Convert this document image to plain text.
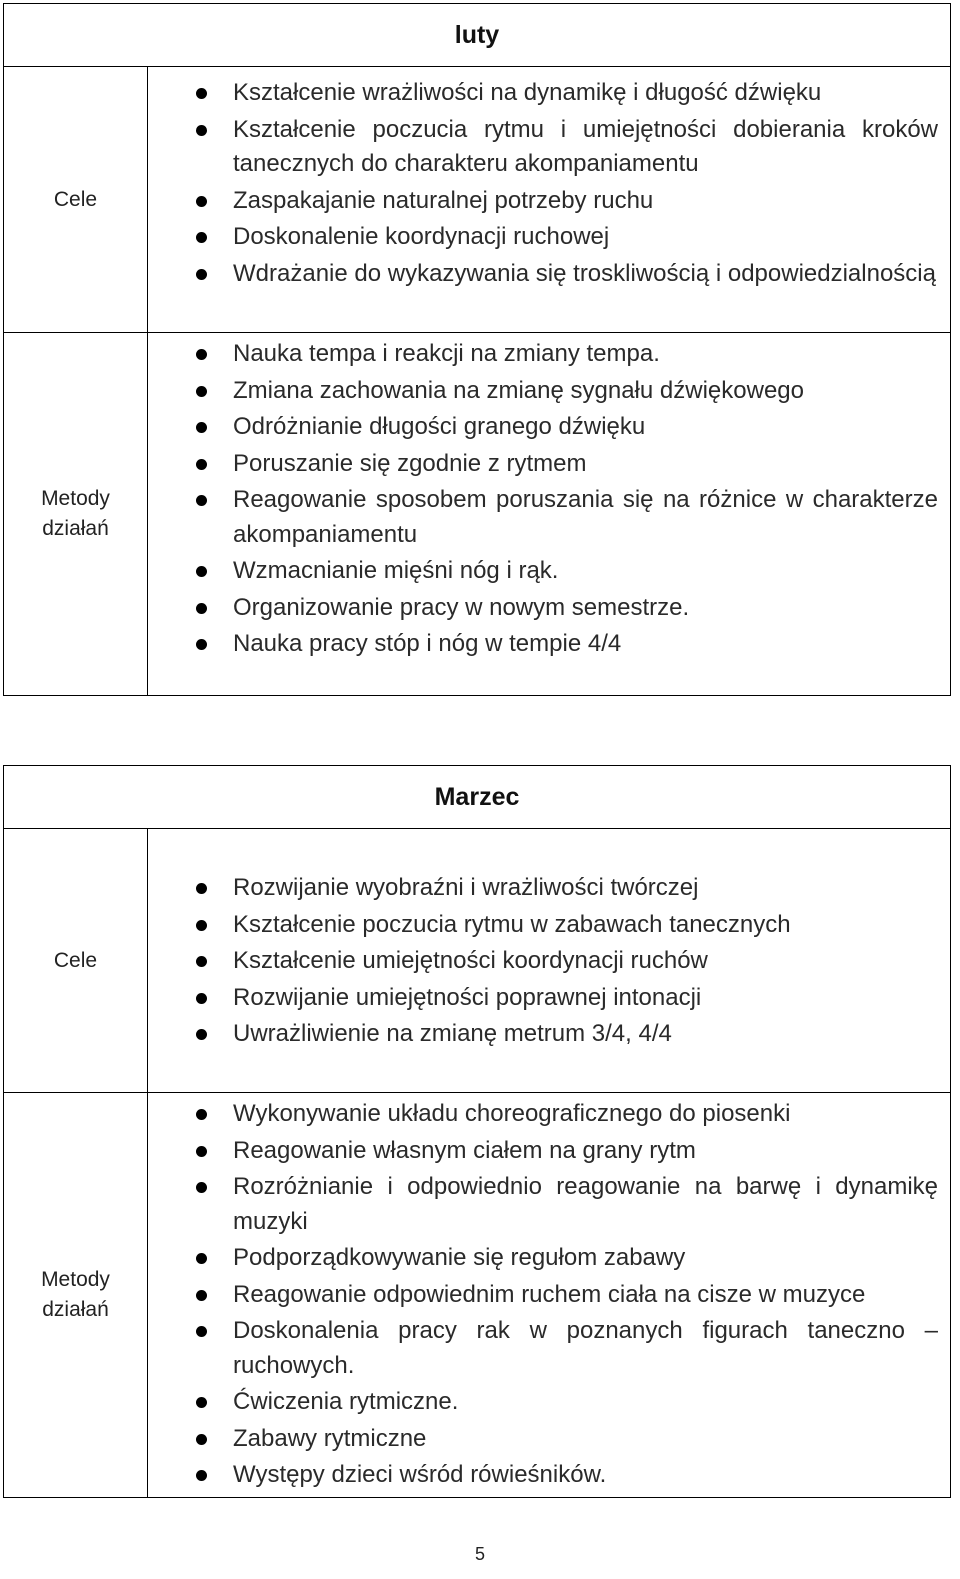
luty
Cele
Kształcenie wrażliwości na dynamikę i długość dźwięku
Kształcenie poczucia rytmu i umiejętności dobierania kroków tanecznych do charakteru akompaniamentu
Zaspakajanie naturalnej potrzeby ruchu
Doskonalenie koordynacji ruchowej
Wdrażanie do wykazywania się troskliwością i odpowiedzialnością
Metody
działań
Nauka tempa i reakcji na zmiany tempa.
Zmiana zachowania na zmianę sygnału dźwiękowego
Odróżnianie długości granego dźwięku
Poruszanie się zgodnie z rytmem
Reagowanie sposobem poruszania się na różnice w charakterze akompaniamentu
Wzmacnianie mięśni nóg i rąk.
Organizowanie pracy w nowym semestrze.
Nauka pracy stóp i nóg w tempie 4/4
Marzec
Cele
Rozwijanie wyobraźni i wrażliwości twórczej
Kształcenie poczucia rytmu w zabawach tanecznych
Kształcenie umiejętności koordynacji ruchów
Rozwijanie umiejętności poprawnej intonacji
Uwrażliwienie na zmianę metrum 3/4, 4/4
Metody
działań
Wykonywanie układu choreograficznego do piosenki
Reagowanie własnym ciałem na grany rytm
Rozróżnianie i odpowiednio reagowanie na barwę i dynamikę muzyki
Podporządkowywanie się regułom zabawy
Reagowanie odpowiednim ruchem ciała na cisze w muzyce
Doskonalenia pracy rak w poznanych figurach taneczno – ruchowych.
Ćwiczenia rytmiczne.
Zabawy rytmiczne
Występy dzieci wśród rówieśników.
5
